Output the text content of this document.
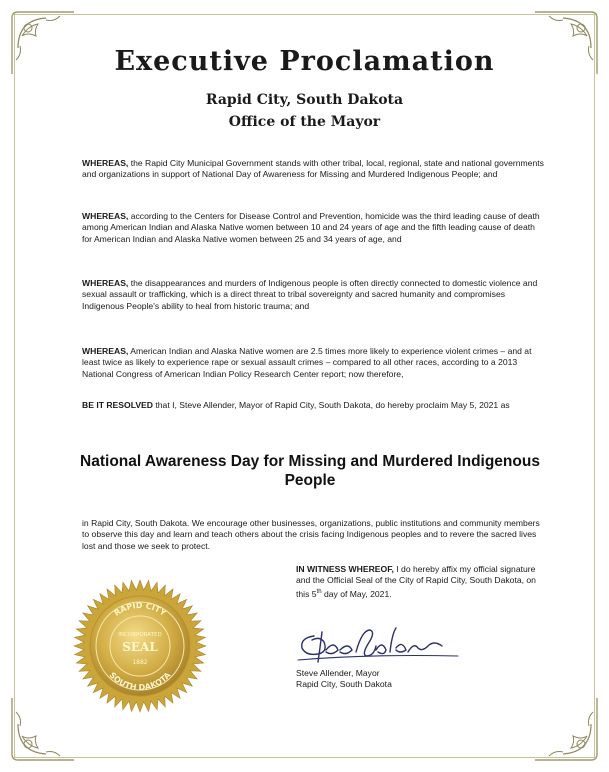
Executive Proclamation
Rapid City, South Dakota
Office of the Mayor
WHEREAS, the Rapid City Municipal Government stands with other tribal, local, regional, state and national governments and organizations in support of National Day of Awareness for Missing and Murdered Indigenous People; and
WHEREAS, according to the Centers for Disease Control and Prevention, homicide was the third leading cause of death among American Indian and Alaska Native women between 10 and 24 years of age and the fifth leading cause of death for American Indian and Alaska Native women between 25 and 34 years of age, and
WHEREAS, the disappearances and murders of Indigenous people is often directly connected to domestic violence and sexual assault or trafficking, which is a direct threat to tribal sovereignty and sacred humanity and compromises Indigenous People's ability to heal from historic trauma; and
WHEREAS, American Indian and Alaska Native women are 2.5 times more likely to experience violent crimes – and at least twice as likely to experience rape or sexual assault crimes – compared to all other races, according to a 2013 National Congress of American Indian Policy Research Center report; now therefore,
BE IT RESOLVED that I, Steve Allender, Mayor of Rapid City, South Dakota, do hereby proclaim May 5, 2021 as
National Awareness Day for Missing and Murdered Indigenous People
in Rapid City, South Dakota. We encourage other businesses, organizations, public institutions and community members to observe this day and learn and teach others about the crisis facing Indigenous peoples and to revere the sacred lives lost and those we seek to protect.
RAPID CITY
SOUTH DAKOTA
INCORPORATED
SEAL
1882
IN WITNESS WHEREOF, I do hereby affix my official signature and the Official Seal of the City of Rapid City, South Dakota, on this 5th day of May, 2021.
Steve Allender, Mayor
Rapid City, South Dakota
